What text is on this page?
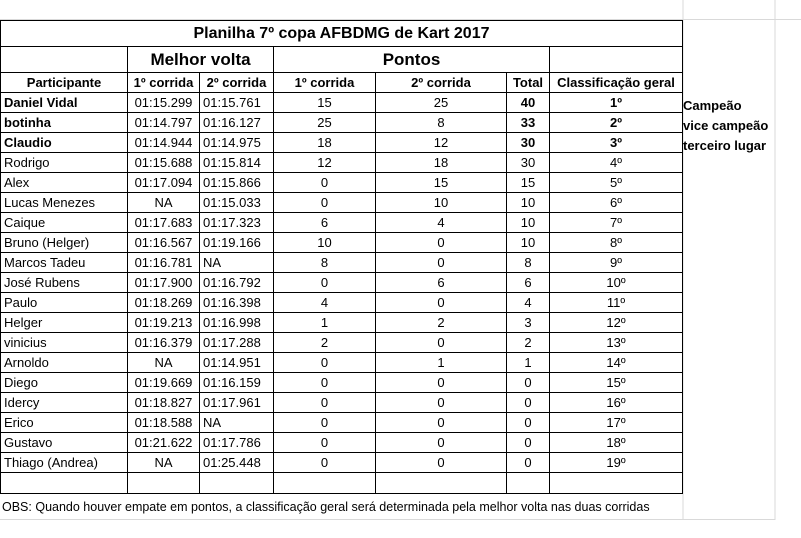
Planilha 7º copa AFBDMG de Kart 2017						
	Melhor volta		Pontos			
Participante	1º corrida	2º corrida	1º corrida	2º corrida	Total	Classificação geral
Daniel Vidal	01:15.299	01:15.761	15	25	40	1º
botinha	01:14.797	01:16.127	25	8	33	2º
Claudio	01:14.944	01:14.975	18	12	30	3º
Rodrigo	01:15.688	01:15.814	12	18	30	4º
Alex	01:17.094	01:15.866	0	15	15	5º
Lucas Menezes	NA	01:15.033	0	10	10	6º
Caique	01:17.683	01:17.323	6	4	10	7º
Bruno (Helger)	01:16.567	01:19.166	10	0	10	8º
Marcos Tadeu	01:16.781	NA	8	0	8	9º
José Rubens	01:17.900	01:16.792	0	6	6	10º
Paulo	01:18.269	01:16.398	4	0	4	11º
Helger	01:19.213	01:16.998	1	2	3	12º
vinicius	01:16.379	01:17.288	2	0	2	13º
Arnoldo	NA	01:14.951	0	1	1	14º
Diego	01:19.669	01:16.159	0	0	0	15º
Idercy	01:18.827	01:17.961	0	0	0	16º
Erico	01:18.588	NA	0	0	0	17º
Gustavo	01:21.622	01:17.786	0	0	0	18º
Thiago (Andrea)	NA	01:25.448	0	0	0	19º

Campeão
vice campeão
terceiro lugar
OBS: Quando houver empate em pontos, a classificação geral será determinada pela melhor volta nas duas corridas
